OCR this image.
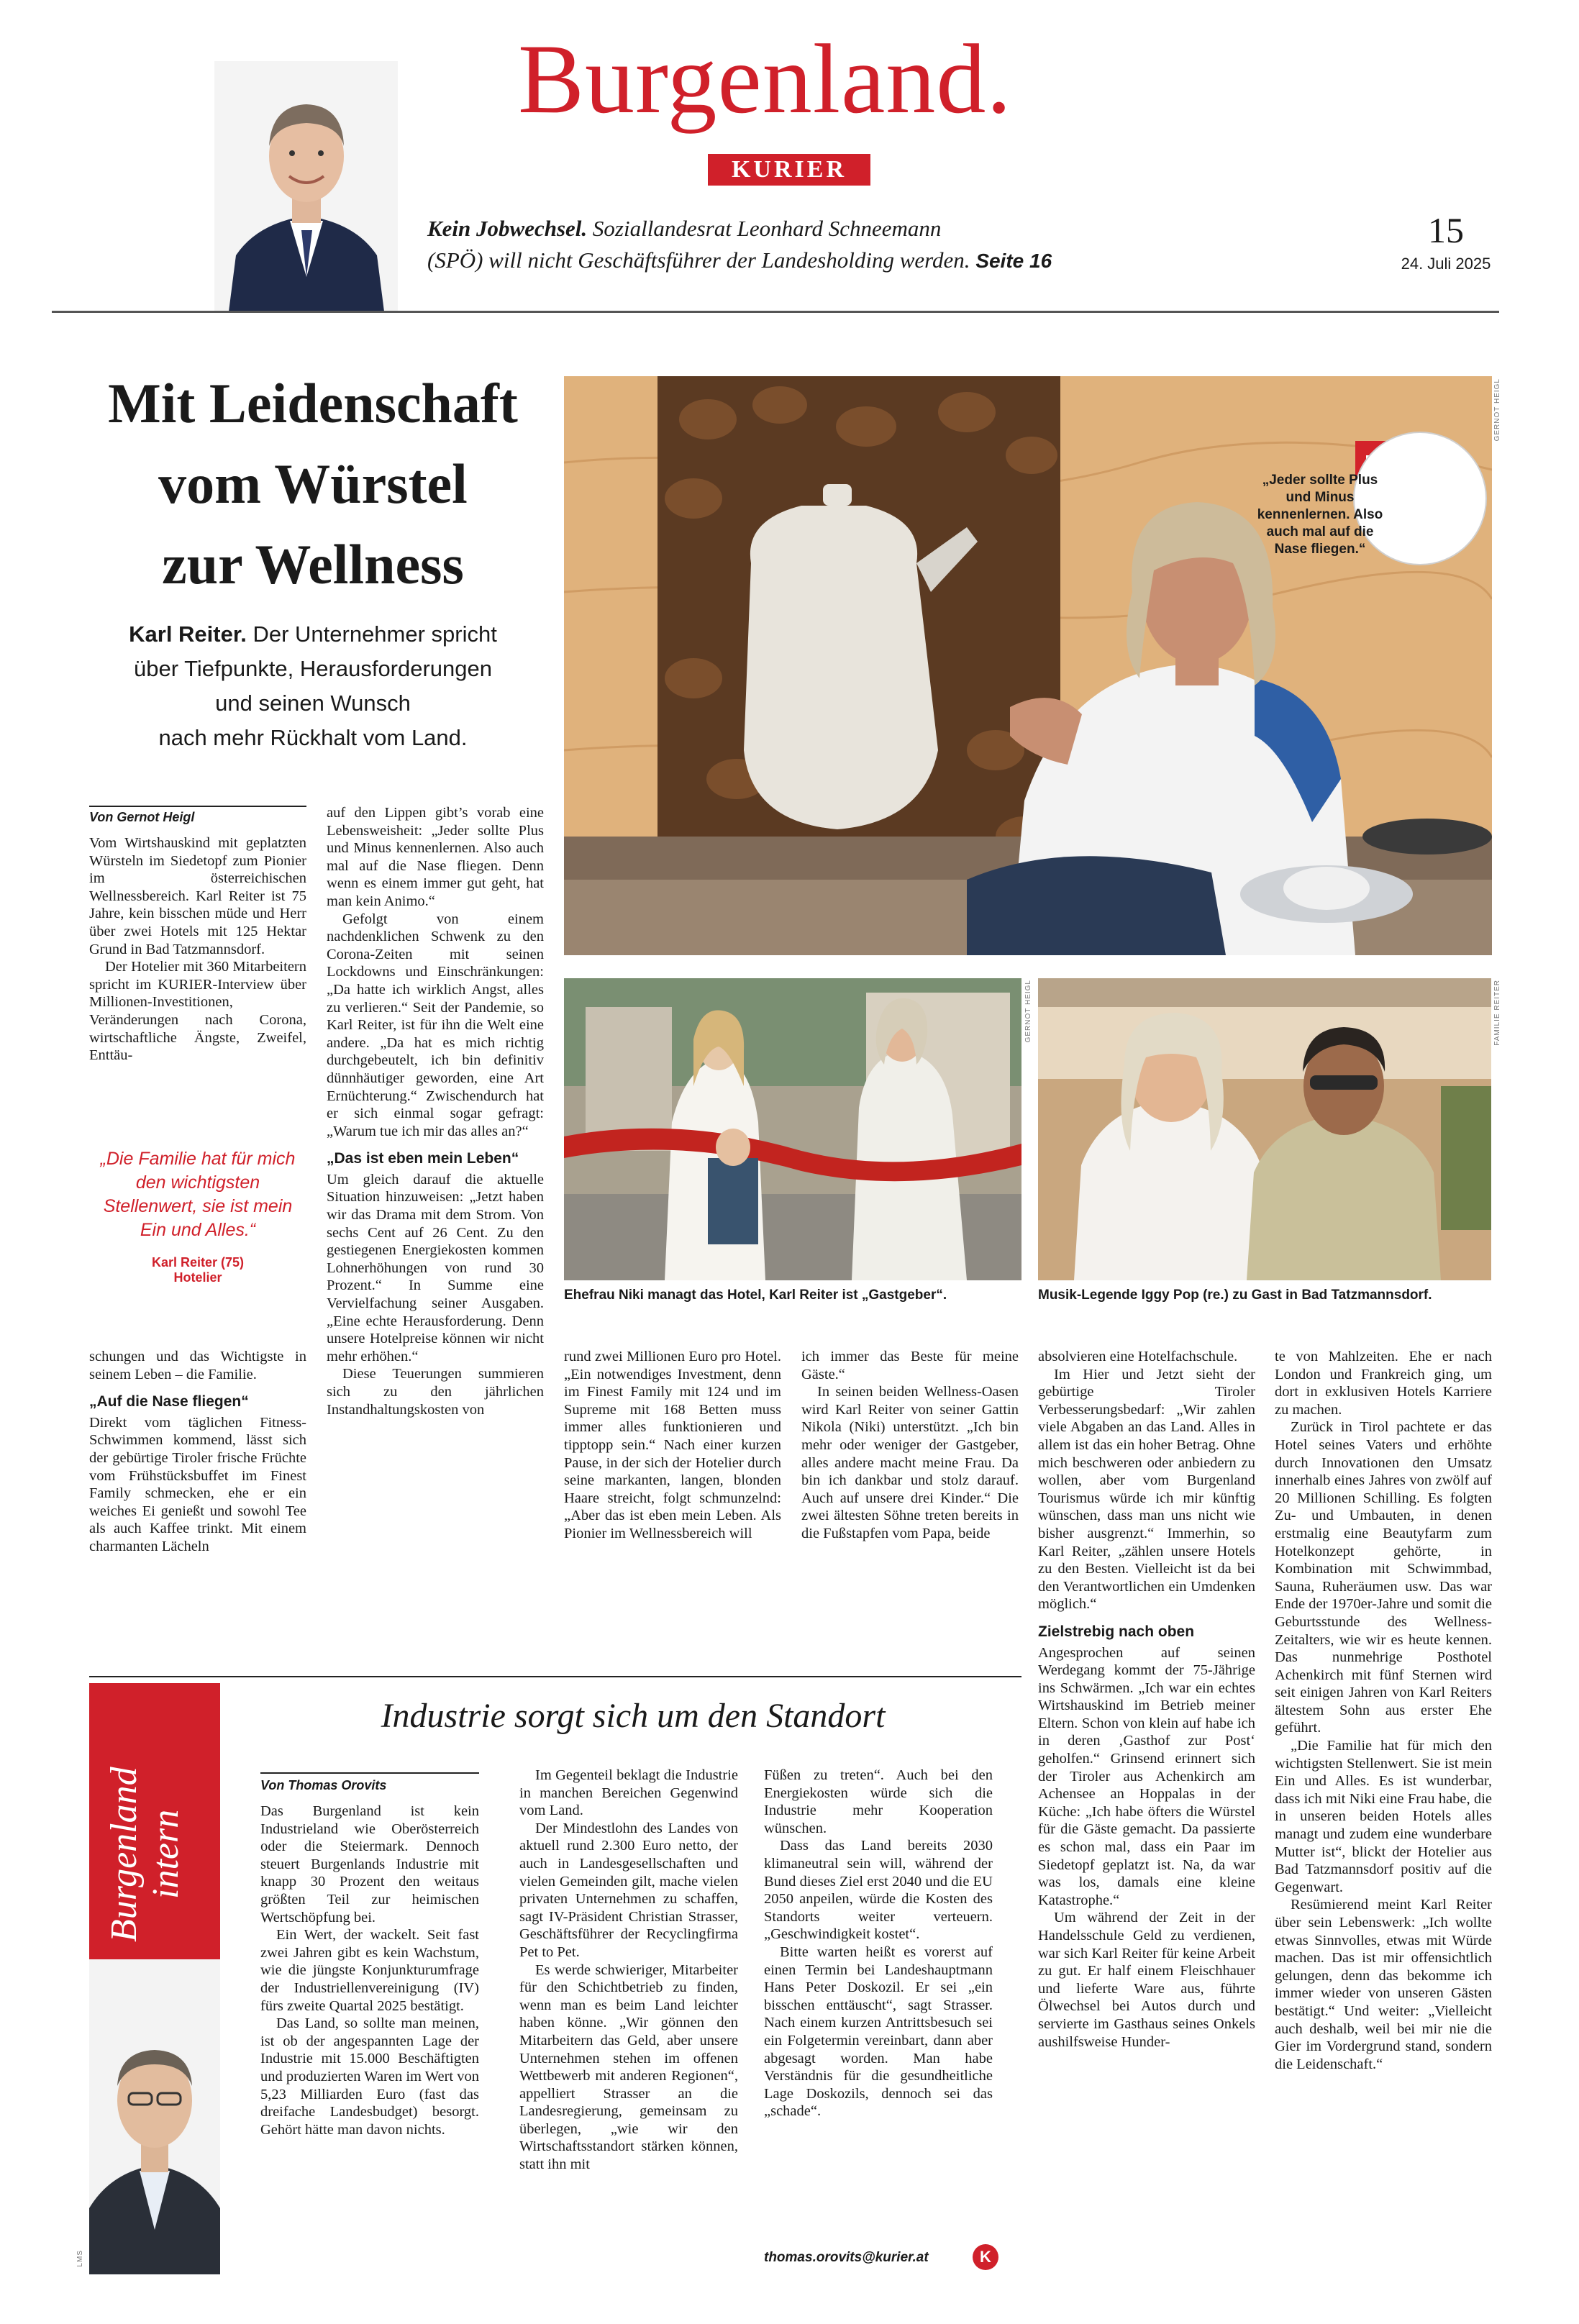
Burgenland.
KURIER
Kein Jobwechsel. Soziallandesrat Leonhard Schneemann
(SPÖ) will nicht Geschäftsführer der Landesholding werden. Seite 16
15
24. Juli 2025
Mit Leidenschaft
vom Würstel
zur Wellness
Karl Reiter. Der Unternehmer spricht
über Tiefpunkte, Herausforderungen
und seinen Wunsch
nach mehr Rückhalt vom Land.
„Jeder sollte Plus und Minus kennenlernen. Also auch mal auf die Nase fliegen.“
GERNOT HEIGL
GERNOT HEIGL
Ehefrau Niki managt das Hotel, Karl Reiter ist „Gastgeber“.
FAMILIE REITER
Musik-Legende Iggy Pop (re.) zu Gast in Bad Tatzmannsdorf.
Von Gernot Heigl

Vom Wirtshauskind mit geplatzten Würsteln im Siedetopf zum Pionier im österreichischen Wellnessbereich. Karl Reiter ist 75 Jahre, kein bisschen müde und Herr über zwei Hotels mit 125 Hektar Grund in Bad Tatzmannsdorf.

Der Hotelier mit 360 Mitarbeitern spricht im KURIER-Interview über Millionen-Investitionen, Veränderungen nach Corona, wirtschaftliche Ängste, Zweifel, Enttäu-

„Die Familie hat für mich den wichtigsten Stellenwert, sie ist mein Ein und Alles.“
Karl Reiter (75)
Hotelier

schungen und das Wichtigste in seinem Leben – die Familie.

„Auf die Nase fliegen“

Direkt vom täglichen Fitness-Schwimmen kommend, lässt sich der gebürtige Tiroler frische Früchte vom Frühstücksbuffet im Finest Family schmecken, ehe er ein weiches Ei genießt und sowohl Tee als auch Kaffee trinkt. Mit einem charmanten Lächeln

auf den Lippen gibt’s vorab eine Lebensweisheit: „Jeder sollte Plus und Minus kennenlernen. Also auch mal auf die Nase fliegen. Denn wenn es einem immer gut geht, hat man kein Animo.“

Gefolgt von einem nachdenklichen Schwenk zu den Corona-Zeiten mit seinen Lockdowns und Einschränkungen: „Da hatte ich wirklich Angst, alles zu verlieren.“ Seit der Pandemie, so Karl Reiter, ist für ihn die Welt eine andere. „Da hat es mich richtig durchgebeutelt, ich bin definitiv dünnhäutiger geworden, eine Art Ernüchterung.“ Zwischendurch hat er sich einmal sogar gefragt: „Warum tue ich mir das alles an?“

„Das ist eben mein Leben“

Um gleich darauf die aktuelle Situation hinzuweisen: „Jetzt haben wir das Drama mit dem Strom. Von sechs Cent auf 26 Cent. Zu den gestiegenen Energiekosten kommen Lohnerhöhungen von rund 30 Prozent.“ In Summe eine Vervielfachung seiner Ausgaben. „Eine echte Herausforderung. Denn unsere Hotelpreise können wir nicht mehr erhöhen.“

Diese Teuerungen summieren sich zu den jährlichen Instandhaltungskosten von

rund zwei Millionen Euro pro Hotel. „Ein notwendiges Investment, denn im Finest Family mit 124 und im Supreme mit 168 Betten muss immer alles funktionieren und tipptopp sein.“ Nach einer kurzen Pause, in der sich der Hotelier durch seine markanten, langen, blonden Haare streicht, folgt schmunzelnd: „Aber das ist eben mein Leben. Als Pionier im Wellnessbereich will

ich immer das Beste für meine Gäste.“

In seinen beiden Wellness-Oasen wird Karl Reiter von seiner Gattin Nikola (Niki) unterstützt. „Ich bin mehr oder weniger der Gastgeber, alles andere macht meine Frau. Da bin ich dankbar und stolz darauf. Auch auf unsere drei Kinder.“ Die zwei ältesten Söhne treten bereits in die Fußstapfen vom Papa, beide

absolvieren eine Hotelfachschule.

Im Hier und Jetzt sieht der gebürtige Tiroler Verbesserungsbedarf: „Wir zahlen viele Abgaben an das Land. Alles in allem ist das ein hoher Betrag. Ohne mich beschweren oder anbiedern zu wollen, aber vom Burgenland Tourismus würde ich mir künftig wünschen, dass man uns nicht wie bisher ausgrenzt.“ Immerhin, so Karl Reiter, „zählen unsere Hotels zu den Besten. Vielleicht ist da bei den Verantwortlichen ein Umdenken möglich.“

Zielstrebig nach oben

Angesprochen auf seinen Werdegang kommt der 75-Jährige ins Schwärmen. „Ich war ein echtes Wirtshauskind im Betrieb meiner Eltern. Schon von klein auf habe ich in deren ‚Gasthof zur Post‘ geholfen.“ Grinsend erinnert sich der Tiroler aus Achenkirch am Achensee an Hoppalas in der Küche: „Ich habe öfters die Würstel für die Gäste gemacht. Da passierte es schon mal, dass ein Paar im Siedetopf geplatzt ist. Na, da war was los, damals eine kleine Katastrophe.“

Um während der Zeit in der Handelsschule Geld zu verdienen, war sich Karl Reiter für keine Arbeit zu gut. Er half einem Fleischhauer und lieferte Ware aus, führte Ölwechsel bei Autos durch und servierte im Gasthaus seines Onkels aushilfsweise Hunder-

te von Mahlzeiten. Ehe er nach London und Frankreich ging, um dort in exklusiven Hotels Karriere zu machen.

Zurück in Tirol pachtete er das Hotel seines Vaters und erhöhte durch Innovationen den Umsatz innerhalb eines Jahres von zwölf auf 20 Millionen Schilling. Es folgten Zu- und Umbauten, in denen erstmalig eine Beautyfarm zum Hotelkonzept gehörte, in Kombination mit Schwimmbad, Sauna, Ruheräumen usw. Das war Ende der 1970er-Jahre und somit die Geburtsstunde des Wellness-Zeitalters, wie wir es heute kennen. Das nunmehrige Posthotel Achenkirch mit fünf Sternen wird seit einigen Jahren von Karl Reiters ältestem Sohn aus erster Ehe geführt.

„Die Familie hat für mich den wichtigsten Stellenwert. Sie ist mein Ein und Alles. Es ist wunderbar, dass ich mit Niki eine Frau habe, die in unseren beiden Hotels alles managt und zudem eine wunderbare Mutter ist“, blickt der Hotelier aus Bad Tatzmannsdorf positiv auf die Gegenwart.

Resümierend meint Karl Reiter über sein Lebenswerk: „Ich wollte etwas Sinnvolles, etwas mit Würde machen. Das ist mir offensichtlich gelungen, denn das bekomme ich immer wieder von unseren Gästen bestätigt.“ Und weiter: „Vielleicht auch deshalb, weil bei mir nie die Gier im Vordergrund stand, sondern die Leidenschaft.“

Burgenland intern
LMS
Industrie sorgt sich um den Standort
Von Thomas Orovits

Das Burgenland ist kein Industrieland wie Oberösterreich oder die Steiermark. Dennoch steuert Burgenlands Industrie mit knapp 30 Prozent den weitaus größten Teil zur heimischen Wertschöpfung bei.

Ein Wert, der wackelt. Seit fast zwei Jahren gibt es kein Wachstum, wie die jüngste Konjunkturumfrage der Industriellenvereinigung (IV) fürs zweite Quartal 2025 bestätigt.

Das Land, so sollte man meinen, ist ob der angespannten Lage der Industrie mit 15.000 Beschäftigten und produzierten Waren im Wert von 5,23 Milliarden Euro (fast das dreifache Landesbudget) besorgt. Gehört hätte man davon nichts.

Im Gegenteil beklagt die Industrie in manchen Bereichen Gegenwind vom Land.

Der Mindestlohn des Landes von aktuell rund 2.300 Euro netto, der auch in Landesgesellschaften und vielen Gemeinden gilt, mache vielen privaten Unternehmen zu schaffen, sagt IV-Präsident Christian Strasser, Geschäftsführer der Recyclingfirma Pet to Pet.

Es werde schwieriger, Mitarbeiter für den Schichtbetrieb zu finden, wenn man es beim Land leichter haben könne. „Wir gönnen den Mitarbeitern das Geld, aber unsere Unternehmen stehen im offenen Wettbewerb mit anderen Regionen“, appelliert Strasser an die Landesregierung, gemeinsam zu überlegen, „wie wir den Wirtschaftsstandort stärken können, statt ihn mit

Füßen zu treten“. Auch bei den Energiekosten würde sich die Industrie mehr Kooperation wünschen.

Dass das Land bereits 2030 klimaneutral sein will, während der Bund dieses Ziel erst 2040 und die EU 2050 anpeilen, würde die Kosten des Standorts weiter verteuern. „Geschwindigkeit kostet“.

Bitte warten heißt es vorerst auf einen Termin bei Landeshauptmann Hans Peter Doskozil. Er sei „ein bisschen enttäuscht“, sagt Strasser. Nach einem kurzen Antrittsbesuch sei ein Folgetermin vereinbart, dann aber abgesagt worden. Man habe Verständnis für die gesundheitliche Lage Doskozils, dennoch sei das „schade“.

thomas.orovits@kurier.at	K
